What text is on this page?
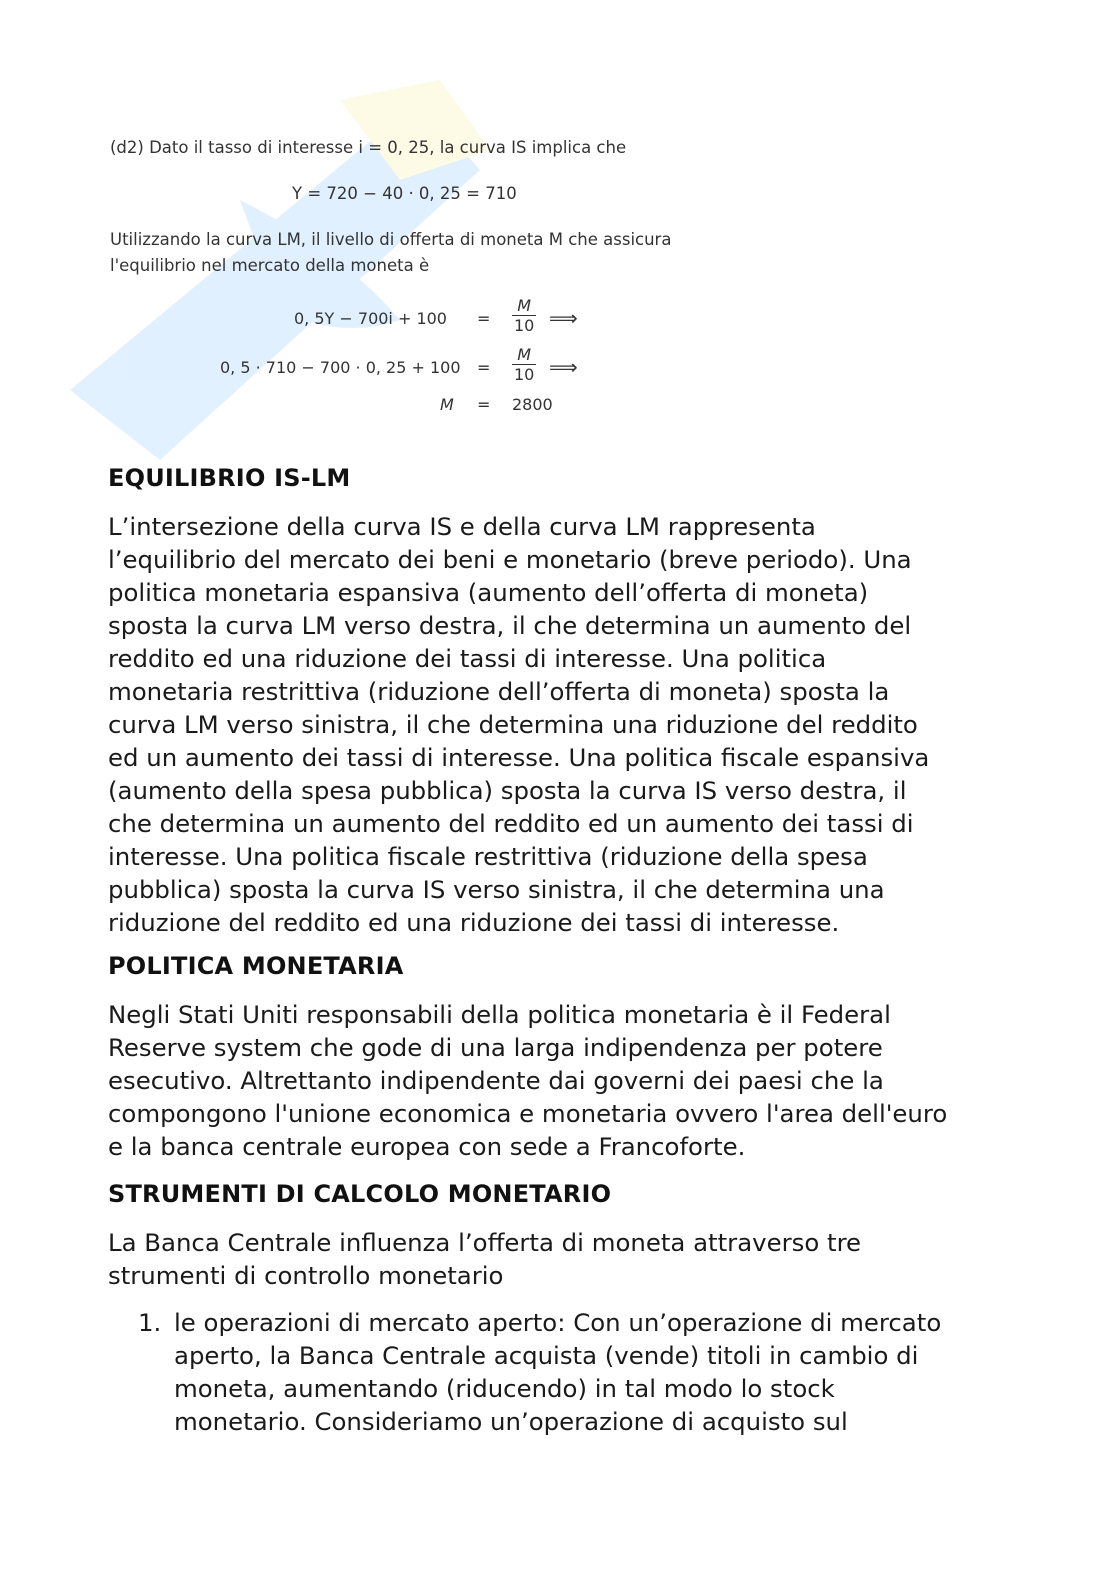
(d2) Dato il tasso di interesse i = 0, 25, la curva IS implica che
Y = 720 − 40 · 0, 25 = 710
Utilizzando la curva LM, il livello di offerta di moneta M che assicura
l'equilibrio nel mercato della moneta è
0, $5Y - 700i + 100 = \frac{M}{10}$ ⟹
0, 5 · 710 − 700 · 0, $25 + 100 = \frac{M}{10}$ ⟹
M = 2800
EQUILIBRIO IS-LM
L’intersezione della curva IS e della curva LM rappresenta
l’equilibrio del mercato dei beni e monetario (breve periodo). Una
politica monetaria espansiva (aumento dell’offerta di moneta)
sposta la curva LM verso destra, il che determina un aumento del
reddito ed una riduzione dei tassi di interesse. Una politica
monetaria restrittiva (riduzione dell’offerta di moneta) sposta la
curva LM verso sinistra, il che determina una riduzione del reddito
ed un aumento dei tassi di interesse. Una politica fiscale espansiva
(aumento della spesa pubblica) sposta la curva IS verso destra, il
che determina un aumento del reddito ed un aumento dei tassi di
interesse. Una politica fiscale restrittiva (riduzione della spesa
pubblica) sposta la curva IS verso sinistra, il che determina una
riduzione del reddito ed una riduzione dei tassi di interesse.
POLITICA MONETARIA
Negli Stati Uniti responsabili della politica monetaria è il Federal
Reserve system che gode di una larga indipendenza per potere
esecutivo. Altrettanto indipendente dai governi dei paesi che la
compongono l'unione economica e monetaria ovvero l'area dell'euro
e la banca centrale europea con sede a Francoforte.
STRUMENTI DI CALCOLO MONETARIO
La Banca Centrale influenza l’offerta di moneta attraverso tre
strumenti di controllo monetario
1. le operazioni di mercato aperto: Con un’operazione di mercato
aperto, la Banca Centrale acquista (vende) titoli in cambio di
moneta, aumentando (riducendo) in tal modo lo stock
monetario. Consideriamo un’operazione di acquisto sul
